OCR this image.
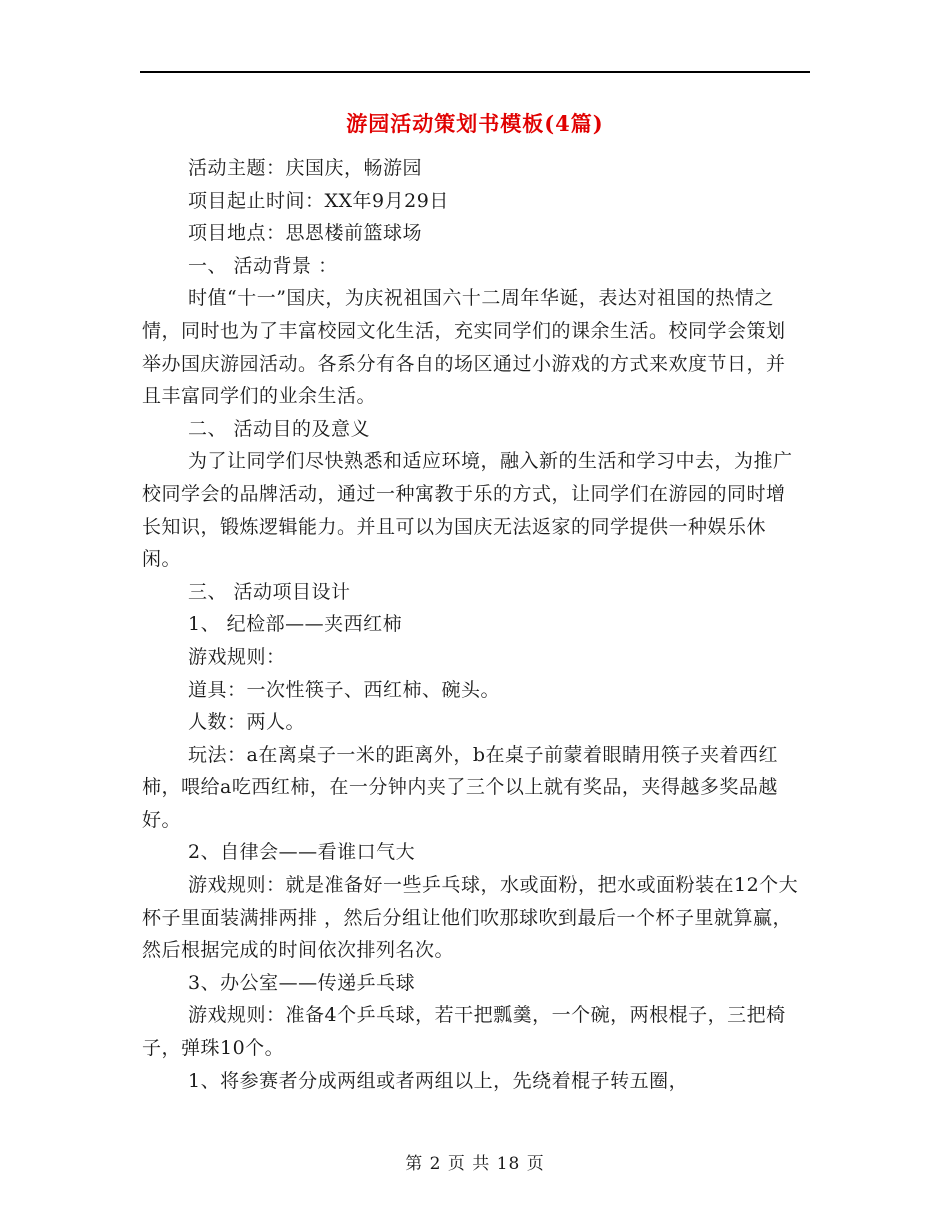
游园活动策划书模板(4篇)

活动主题：庆国庆，畅游园

项目起止时间：XX年9月29日

项目地点：思恩楼前篮球场

一、 活动背景 ：

时值“十一”国庆，为庆祝祖国六十二周年华诞，表达对祖国的热情之情，同时也为了丰富校园文化生活，充实同学们的课余生活。校同学会策划举办国庆游园活动。各系分有各自的场区通过小游戏的方式来欢度节日，并且丰富同学们的业余生活。

二、 活动目的及意义

为了让同学们尽快熟悉和适应环境，融入新的生活和学习中去，为推广校同学会的品牌活动，通过一种寓教于乐的方式，让同学们在游园的同时增长知识，锻炼逻辑能力。并且可以为国庆无法返家的同学提供一种娱乐休闲。

三、 活动项目设计

1、 纪检部——夹西红柿

游戏规则：

道具：一次性筷子、西红柿、碗头。

人数：两人。

玩法：a在离桌子一米的距离外，b在桌子前蒙着眼睛用筷子夹着西红柿，喂给a吃西红柿，在一分钟内夹了三个以上就有奖品，夹得越多奖品越好。

2、自律会——看谁口气大

游戏规则：就是准备好一些乒乓球，水或面粉，把水或面粉装在12个大杯子里面装满排两排 ，然后分组让他们吹那球吹到最后一个杯子里就算赢，然后根据完成的时间依次排列名次。

3、办公室——传递乒乓球

游戏规则：准备4个乒乓球，若干把瓢羹，一个碗，两根棍子，三把椅子，弹珠10个。

1、将参赛者分成两组或者两组以上，先绕着棍子转五圈，

第 2 页 共 18 页
